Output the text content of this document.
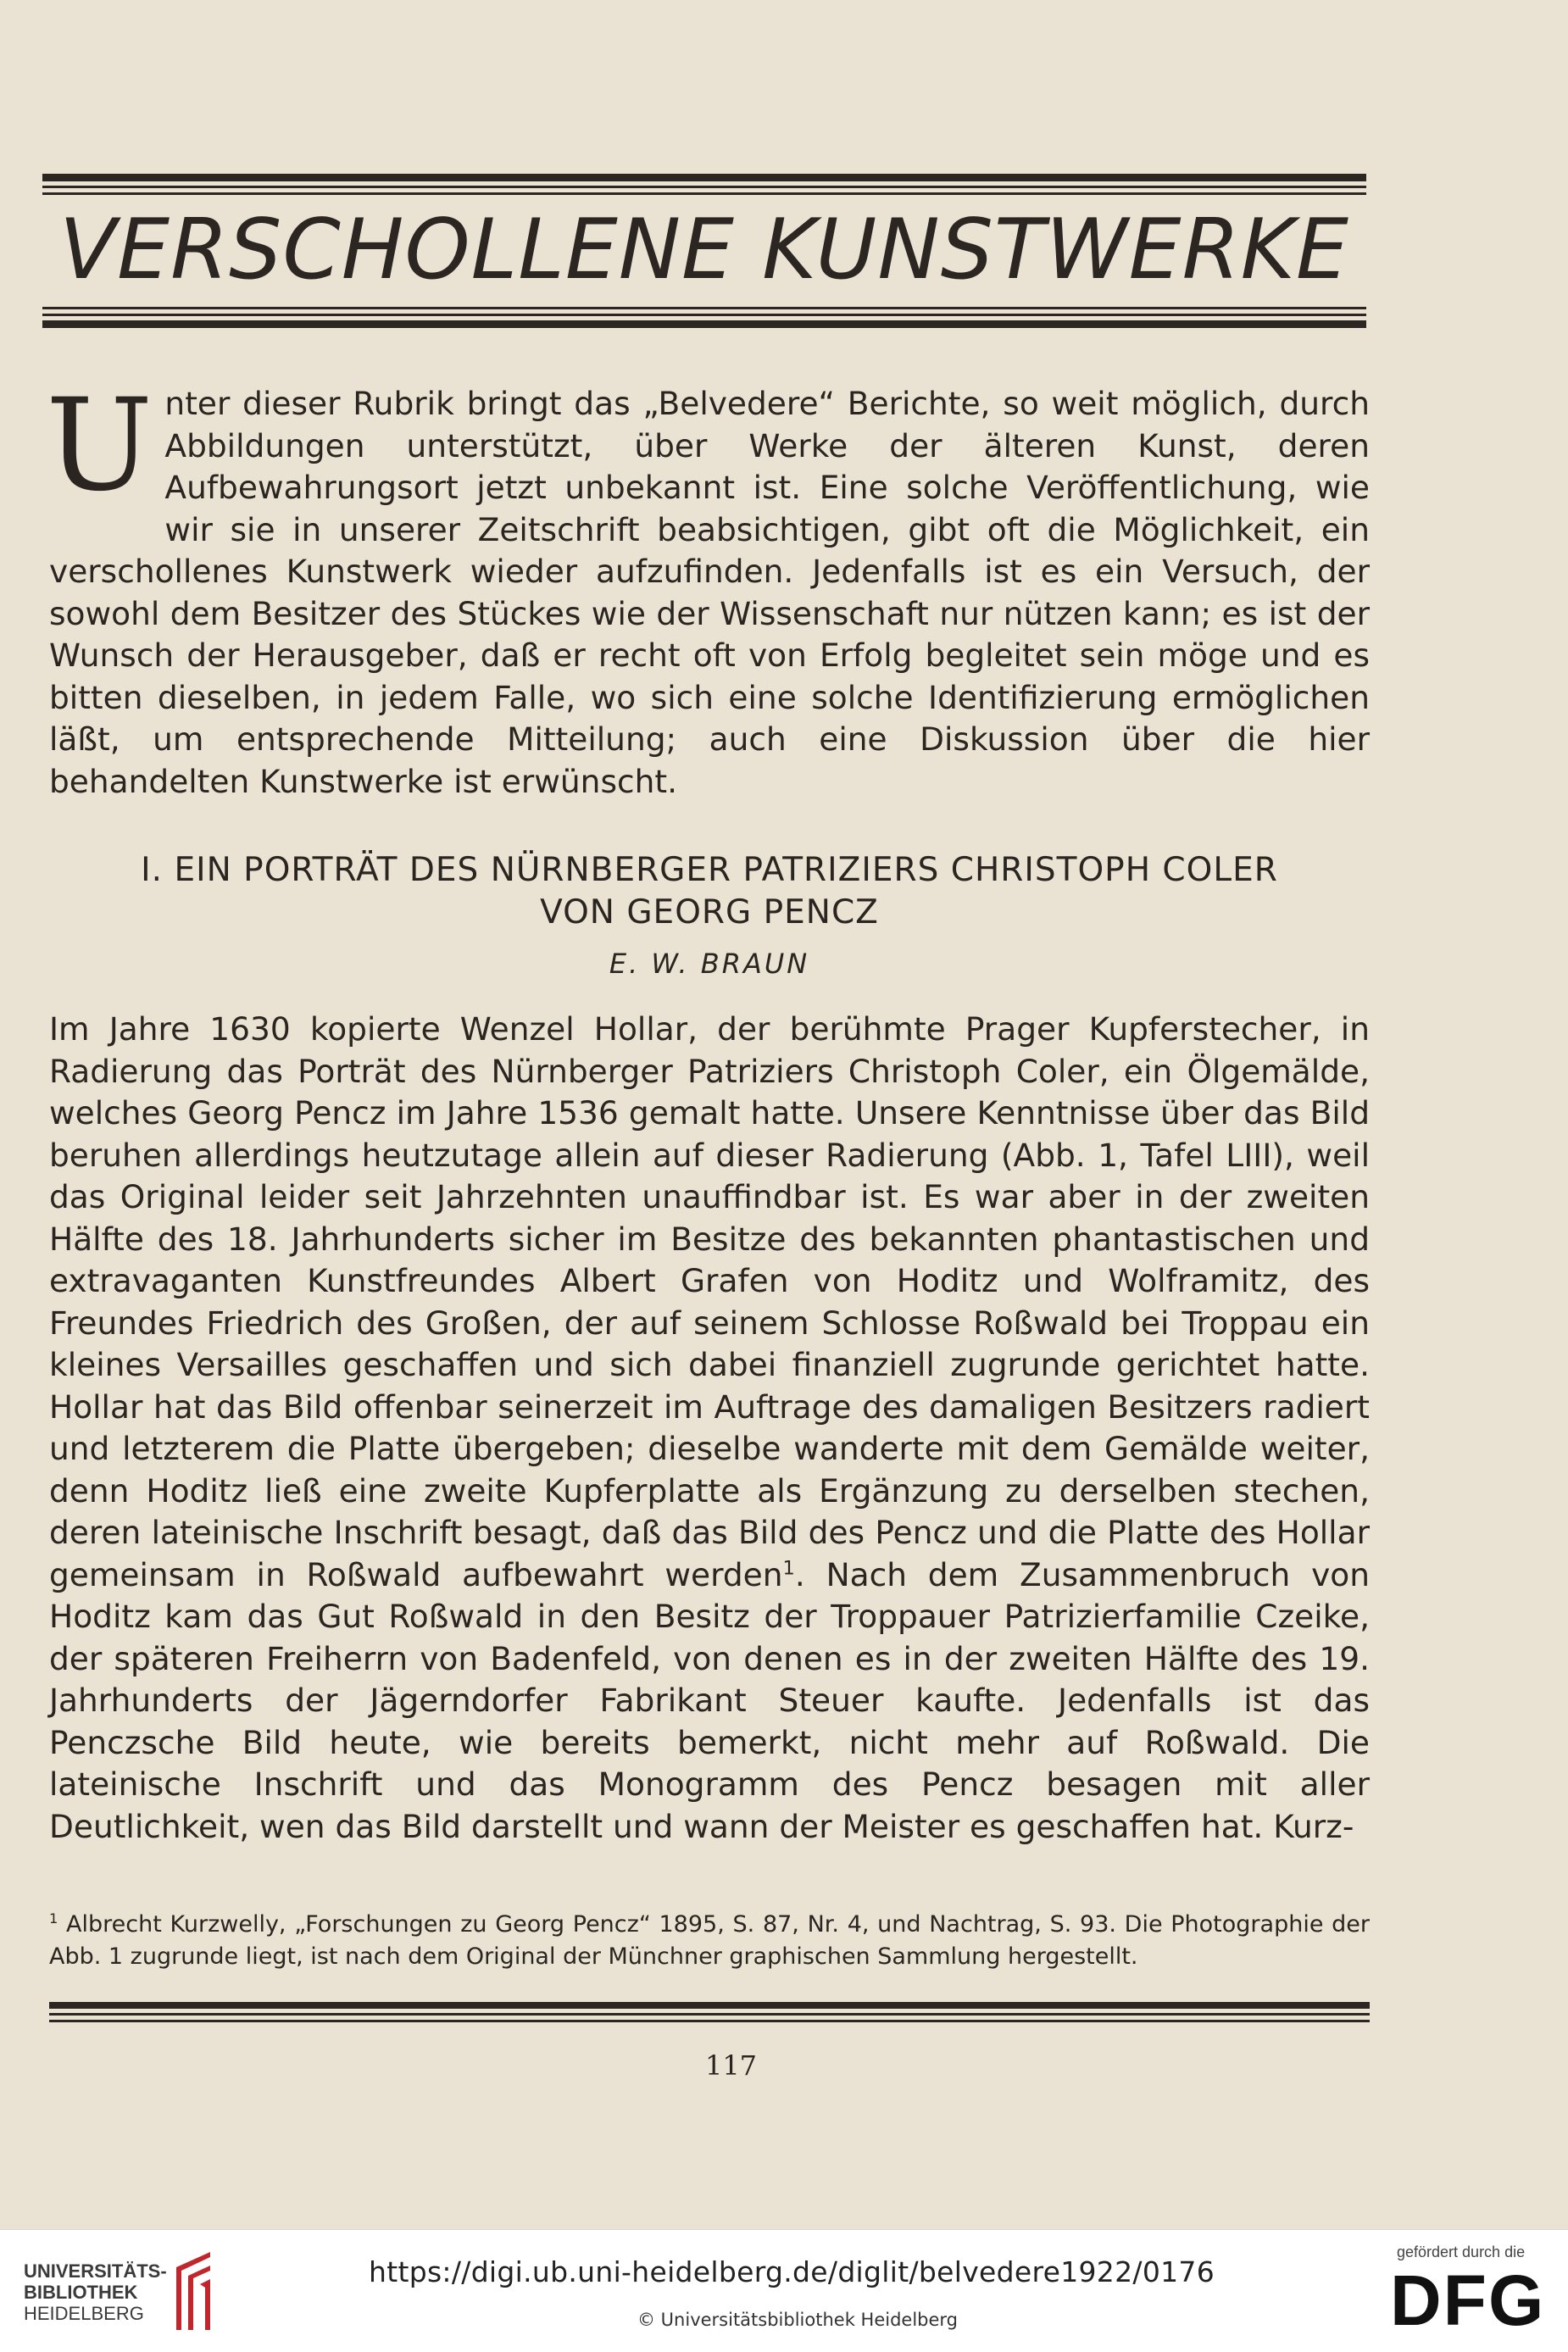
VERSCHOLLENE KUNSTWERKE
Unter dieser Rubrik bringt das „Belvedere“ Berichte, so weit möglich, durch Abbildungen unterstützt, über Werke der älteren Kunst, deren Aufbewahrungsort jetzt unbekannt ist. Eine solche Veröffentlichung, wie wir sie in unserer Zeitschrift beabsichtigen, gibt oft die Möglichkeit, ein verschollenes Kunstwerk wieder aufzufinden. Jedenfalls ist es ein Versuch, der sowohl dem Besitzer des Stückes wie der Wissenschaft nur nützen kann; es ist der Wunsch der Herausgeber, daß er recht oft von Erfolg begleitet sein möge und es bitten dieselben, in jedem Falle, wo sich eine solche Identifizierung ermöglichen läßt, um entsprechende Mitteilung; auch eine Diskussion über die hier behandelten Kunstwerke ist erwünscht.
I. EIN PORTRÄT DES NÜRNBERGER PATRIZIERS CHRISTOPH COLER
VON GEORG PENCZ
E. W. BRAUN
Im Jahre 1630 kopierte Wenzel Hollar, der berühmte Prager Kupferstecher, in Radierung das Porträt des Nürnberger Patriziers Christoph Coler, ein Ölgemälde, welches Georg Pencz im Jahre 1536 gemalt hatte. Unsere Kenntnisse über das Bild beruhen allerdings heutzutage allein auf dieser Radierung (Abb. 1, Tafel LIII), weil das Original leider seit Jahrzehnten unauffindbar ist. Es war aber in der zweiten Hälfte des 18. Jahrhunderts sicher im Besitze des bekannten phantastischen und extravaganten Kunstfreundes Albert Grafen von Hoditz und Wolframitz, des Freundes Friedrich des Großen, der auf seinem Schlosse Roßwald bei Troppau ein kleines Versailles geschaffen und sich dabei finanziell zugrunde gerichtet hatte. Hollar hat das Bild offenbar seinerzeit im Auftrage des damaligen Besitzers radiert und letzterem die Platte übergeben; dieselbe wanderte mit dem Gemälde weiter, denn Hoditz ließ eine zweite Kupferplatte als Ergänzung zu derselben stechen, deren lateinische Inschrift besagt, daß das Bild des Pencz und die Platte des Hollar gemeinsam in Roßwald aufbewahrt werden$^1$. Nach dem Zusammenbruch von Hoditz kam das Gut Roßwald in den Besitz der Troppauer Patrizierfamilie Czeike, der späteren Freiherrn von Badenfeld, von denen es in der zweiten Hälfte des 19. Jahrhunderts der Jägerndorfer Fabrikant Steuer kaufte. Jedenfalls ist das Penczsche Bild heute, wie bereits bemerkt, nicht mehr auf Roßwald. Die lateinische Inschrift und das Monogramm des Pencz besagen mit aller Deutlichkeit, wen das Bild darstellt und wann der Meister es geschaffen hat. Kurz-
$^1$ Albrecht Kurzwelly, „Forschungen zu Georg Pencz“ 1895, S. 87, Nr. 4, und Nachtrag, S. 93. Die Photographie der Abb. 1 zugrunde liegt, ist nach dem Original der Münchner graphischen Sammlung hergestellt.
117
UNIVERSITÄTS-
BIBLIOTHEK
HEIDELBERG
https://digi.ub.uni-heidelberg.de/diglit/belvedere1922/0176
© Universitätsbibliothek Heidelberg
gefördert durch die
DFG
